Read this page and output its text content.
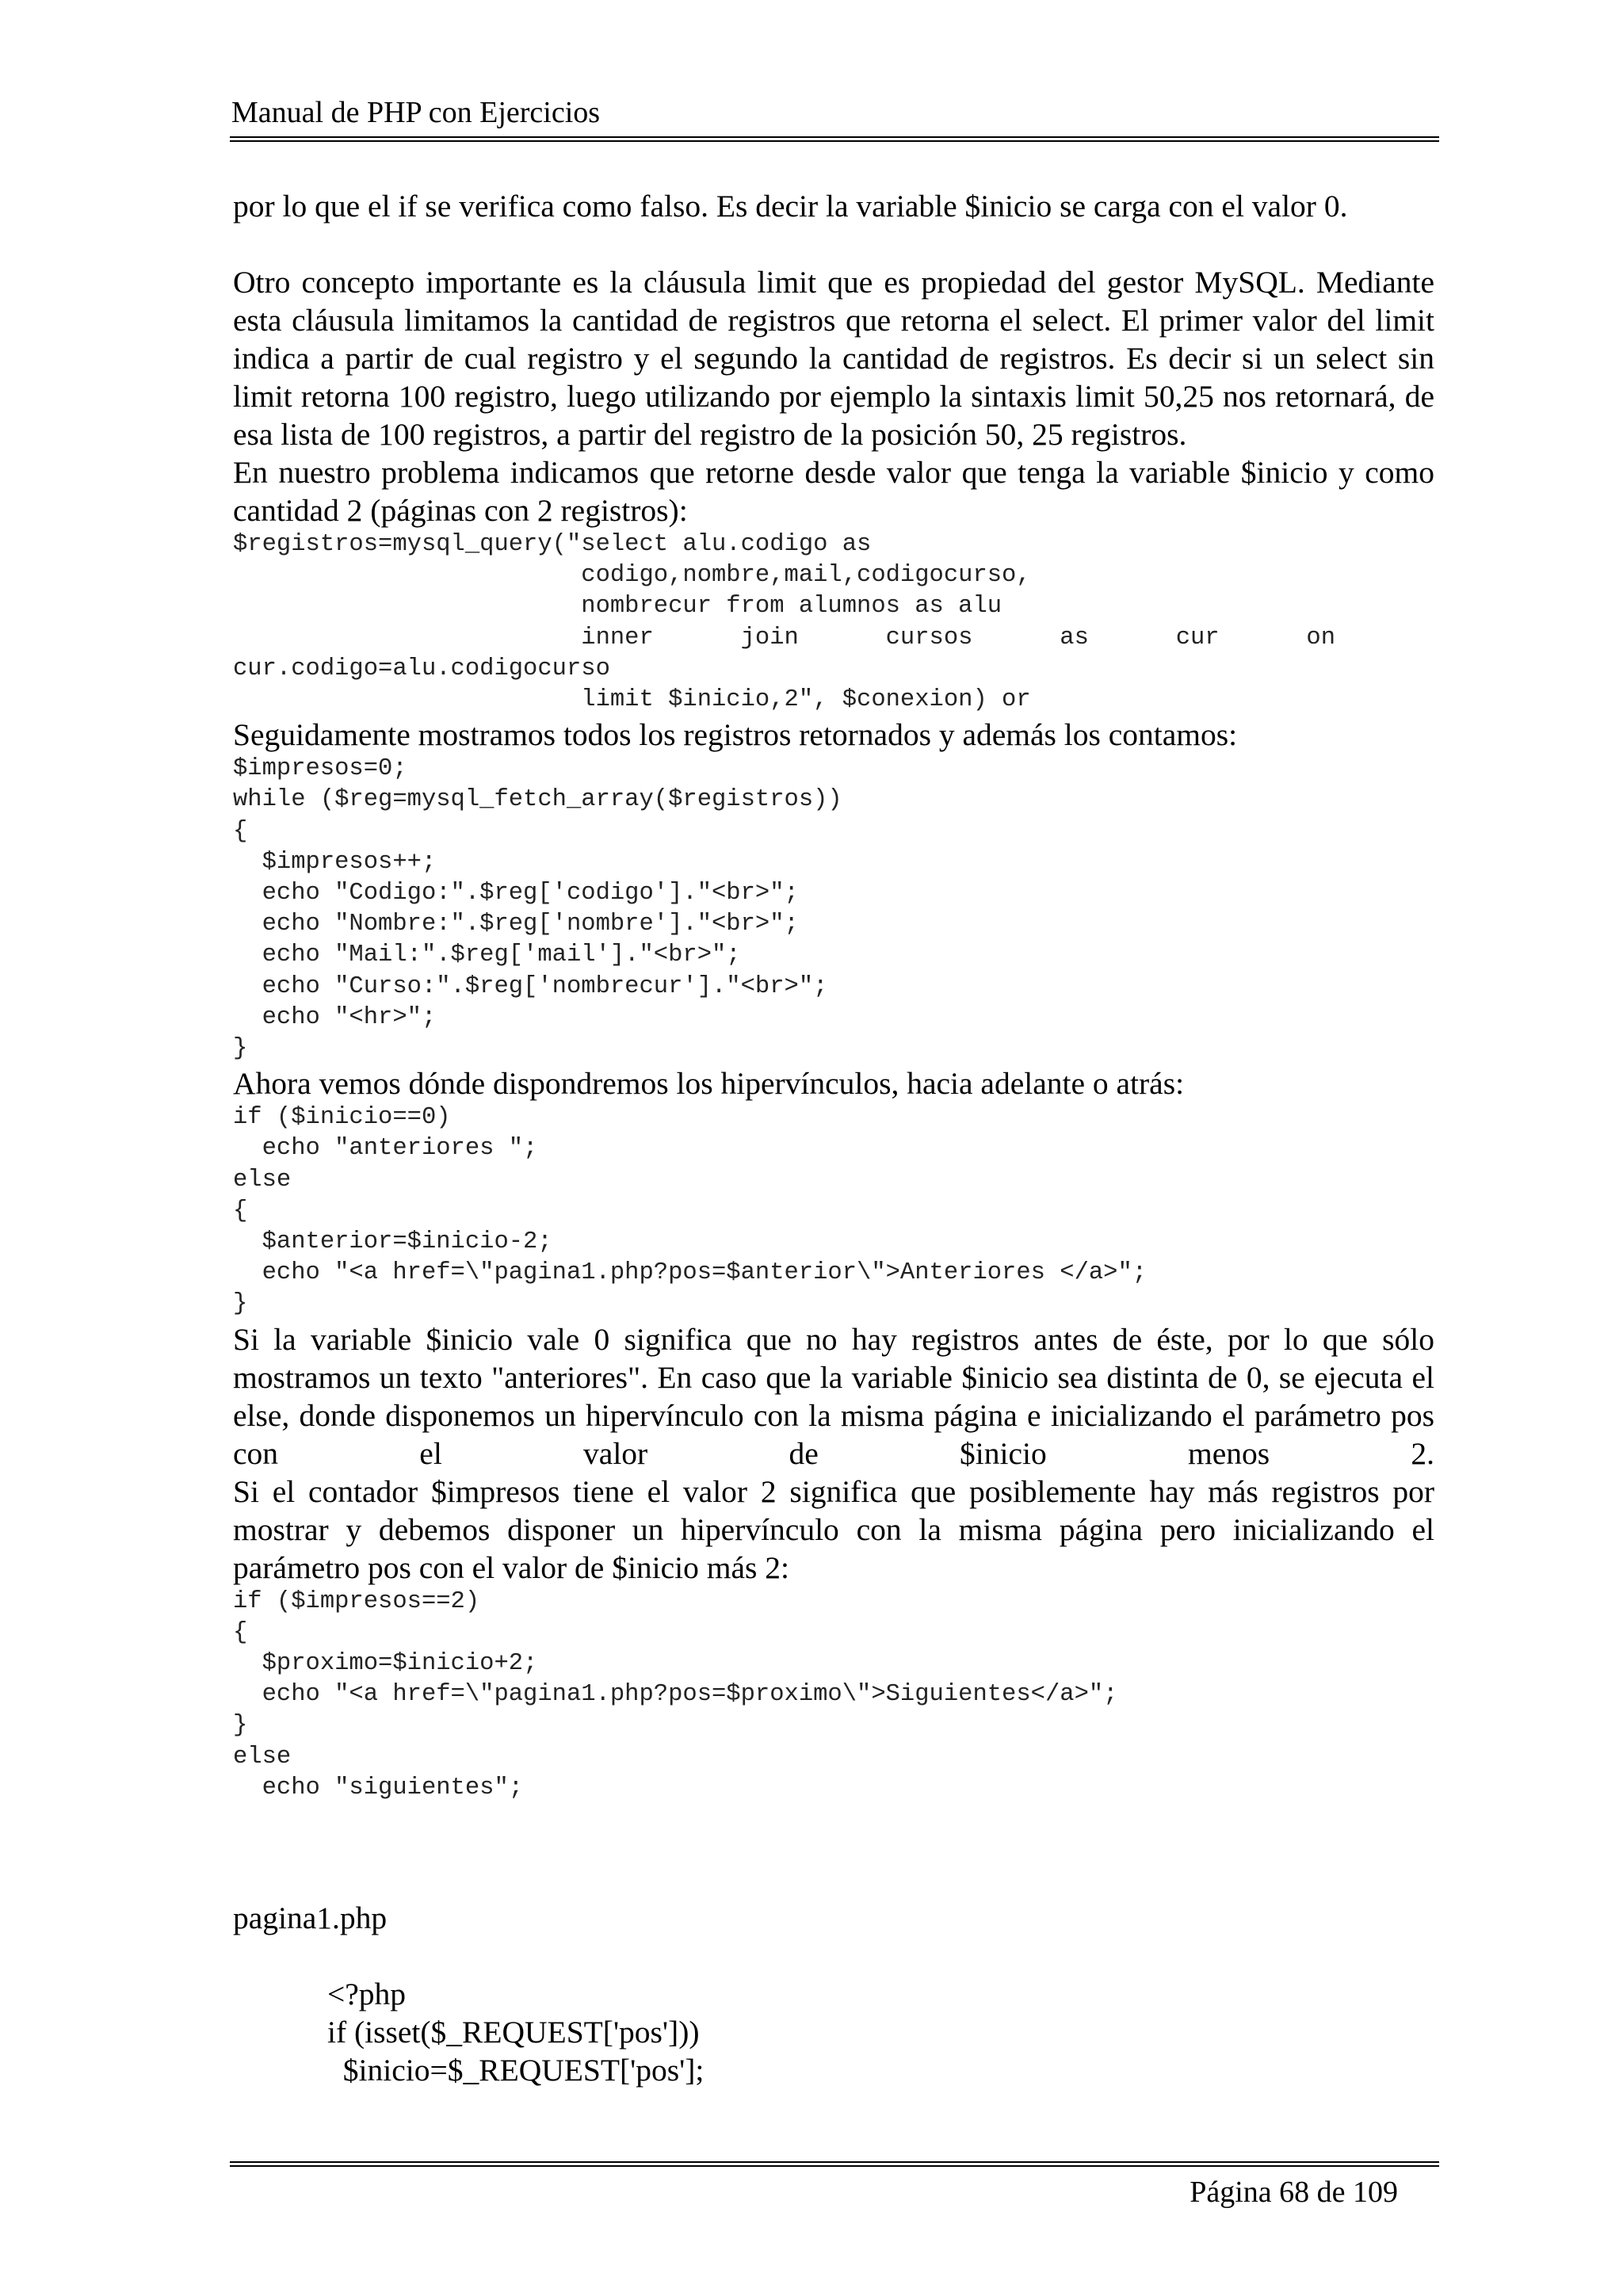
Manual de PHP con Ejercicios

por lo que el if se verifica como falso. Es decir la variable $inicio se carga con el valor 0.

Otro concepto importante es la cláusula limit que es propiedad del gestor MySQL. Mediante esta cláusula limitamos la cantidad de registros que retorna el select. El primer valor del limit indica a partir de cual registro y el segundo la cantidad de registros. Es decir si un select sin limit retorna 100 registro, luego utilizando por ejemplo la sintaxis limit 50,25 nos retornará, de esa lista de 100 registros, a partir del registro de la posición 50, 25 registros.

En nuestro problema indicamos que retorne desde valor que tenga la variable $inicio y como cantidad 2 (páginas con 2 registros):

$registros=mysql_query("select alu.codigo as
codigo,nombre,mail,codigocurso,
nombrecur from alumnos as alu
inner      join      cursos      as      cur      on
cur.codigo=alu.codigocurso
limit $inicio,2", $conexion) or

Seguidamente mostramos todos los registros retornados y además los contamos:

$impresos=0;
while ($reg=mysql_fetch_array($registros))
{
$impresos++;
echo "Codigo:".$reg['codigo']."<br>";
echo "Nombre:".$reg['nombre']."<br>";
echo "Mail:".$reg['mail']."<br>";
echo "Curso:".$reg['nombrecur']."<br>";
echo "<hr>";
}

Ahora vemos dónde dispondremos los hipervínculos, hacia adelante o atrás:

if ($inicio==0)
echo "anteriores ";
else
{
$anterior=$inicio-2;
echo "<a href=\"pagina1.php?pos=$anterior\">Anteriores </a>";
}

Si la variable $inicio vale 0 significa que no hay registros antes de éste, por lo que sólo mostramos un texto "anteriores". En caso que la variable $inicio sea distinta de 0, se ejecuta el else, donde disponemos un hipervínculo con la misma página e inicializando el parámetro pos con el valor de $inicio menos 2.

Si el contador $impresos tiene el valor 2 significa que posiblemente hay más registros por mostrar y debemos disponer un hipervínculo con la misma página pero inicializando el parámetro pos con el valor de $inicio más 2:

if ($impresos==2)
{
$proximo=$inicio+2;
echo "<a href=\"pagina1.php?pos=$proximo\">Siguientes</a>";
}
else
echo "siguientes";

pagina1.php

<?php

if (isset($_REQUEST['pos']))

$inicio=$_REQUEST['pos'];

Página 68 de 109
